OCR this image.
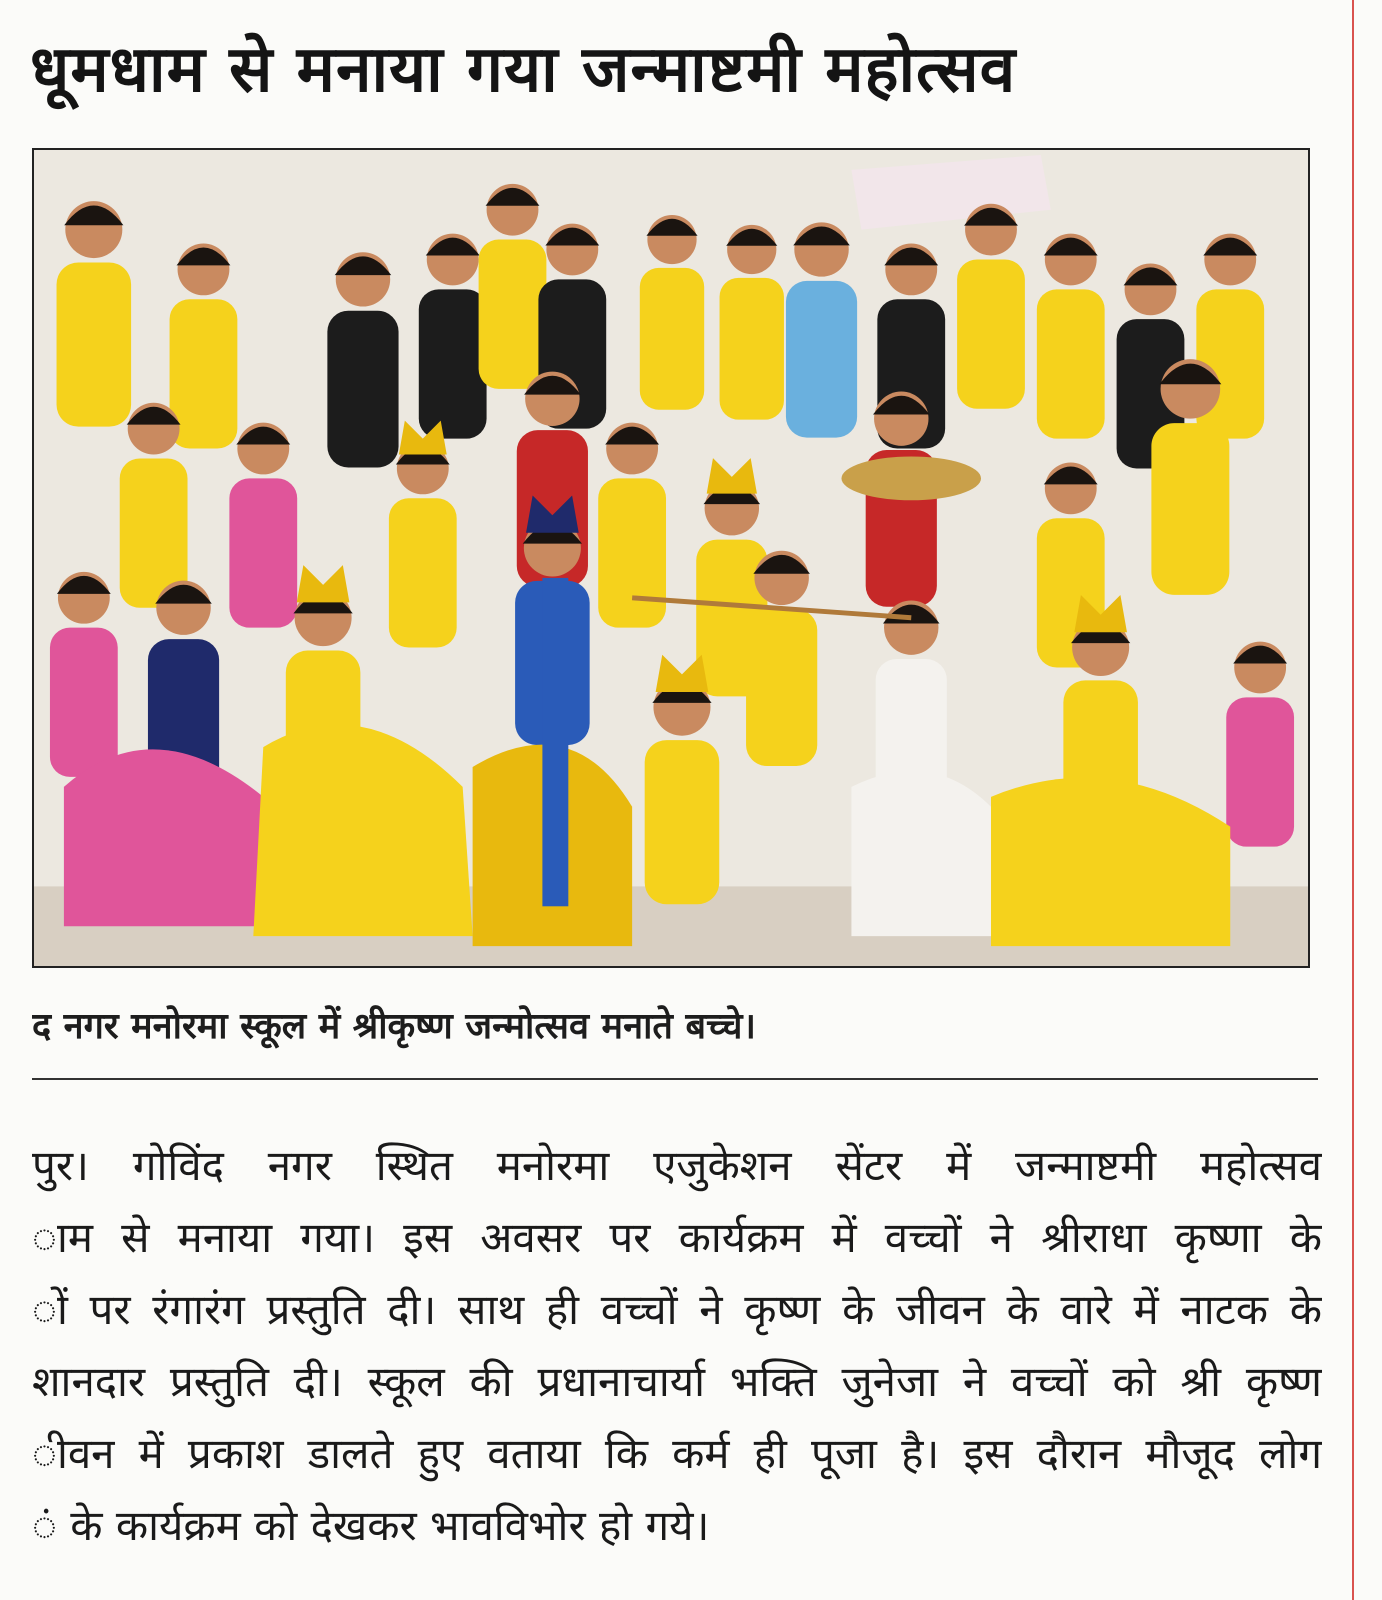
धूमधाम से मनाया गया जन्माष्टमी महोत्सव
द नगर मनोरमा स्कूल में श्रीकृष्ण जन्मोत्सव मनाते बच्चे।
पुर। गोविंद नगर स्थित मनोरमा एजुकेशन सेंटर में जन्माष्टमी महोत्सव
ाम से मनाया गया। इस अवसर पर कार्यक्रम में वच्चों ने श्रीराधा कृष्णा के
ों पर रंगारंग प्रस्तुति दी। साथ ही वच्चों ने कृष्ण के जीवन के वारे में नाटक के
शानदार प्रस्तुति दी। स्कूल की प्रधानाचार्या भक्ति जुनेजा ने वच्चों को श्री कृष्ण
ीवन में प्रकाश डालते हुए वताया कि कर्म ही पूजा है। इस दौरान मौजूद लोग
ं के कार्यक्रम को देखकर भावविभोर हो गये।
